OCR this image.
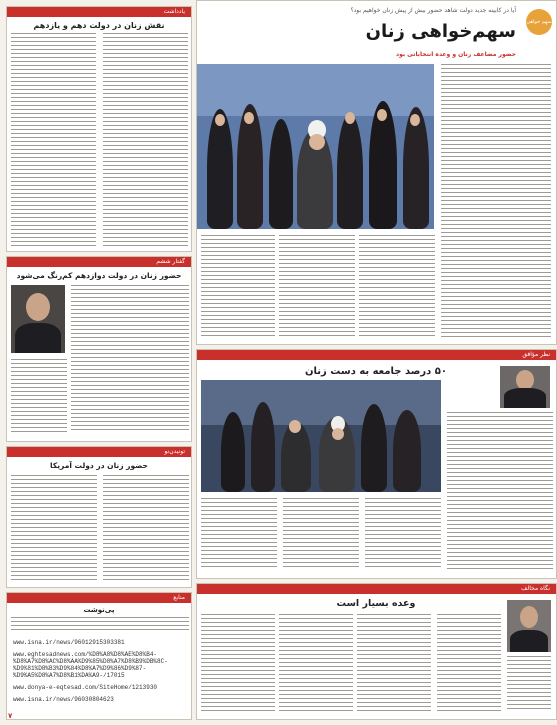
سهم خواهی زنان
آیا در کابینه جدید دولت شاهد حضور بیش از پیش زنان خواهیم بود؟
سهم‌خواهی زنان
حضور مضاعف زنان و وعده انتخاباتی بود
یادداشت
نقش زنان در دولت دهم و یازدهم
گفتار ششم
حضور زنان در دولت دوازدهم کم‌رنگ می‌شود
تونیدن‌نو
حضور زنان در دولت آمریکا
منابع
پی‌نوشت
www.isna.ir/news/96012915303381
www.eghtesadnews.com/%D8%A8%D8%AE%D8%B4-
%D8%A7%D8%AC%D8%AA%D9%85%D8%A7%D8%B9%DB%8C-
%D9%81%D8%B3%D9%84%D8%A7%D9%86%D9%87-
%D9%A5%D8%A7%D8%B1%DA%A9-/17015
www.donya-e-eqtesad.com/SiteHome/1213930
www.isna.ir/news/96030804623
نظر مؤافق
۵۰ درصد جامعه به دست زنان
نگاه مخالف
وعده بسیار است
۷
